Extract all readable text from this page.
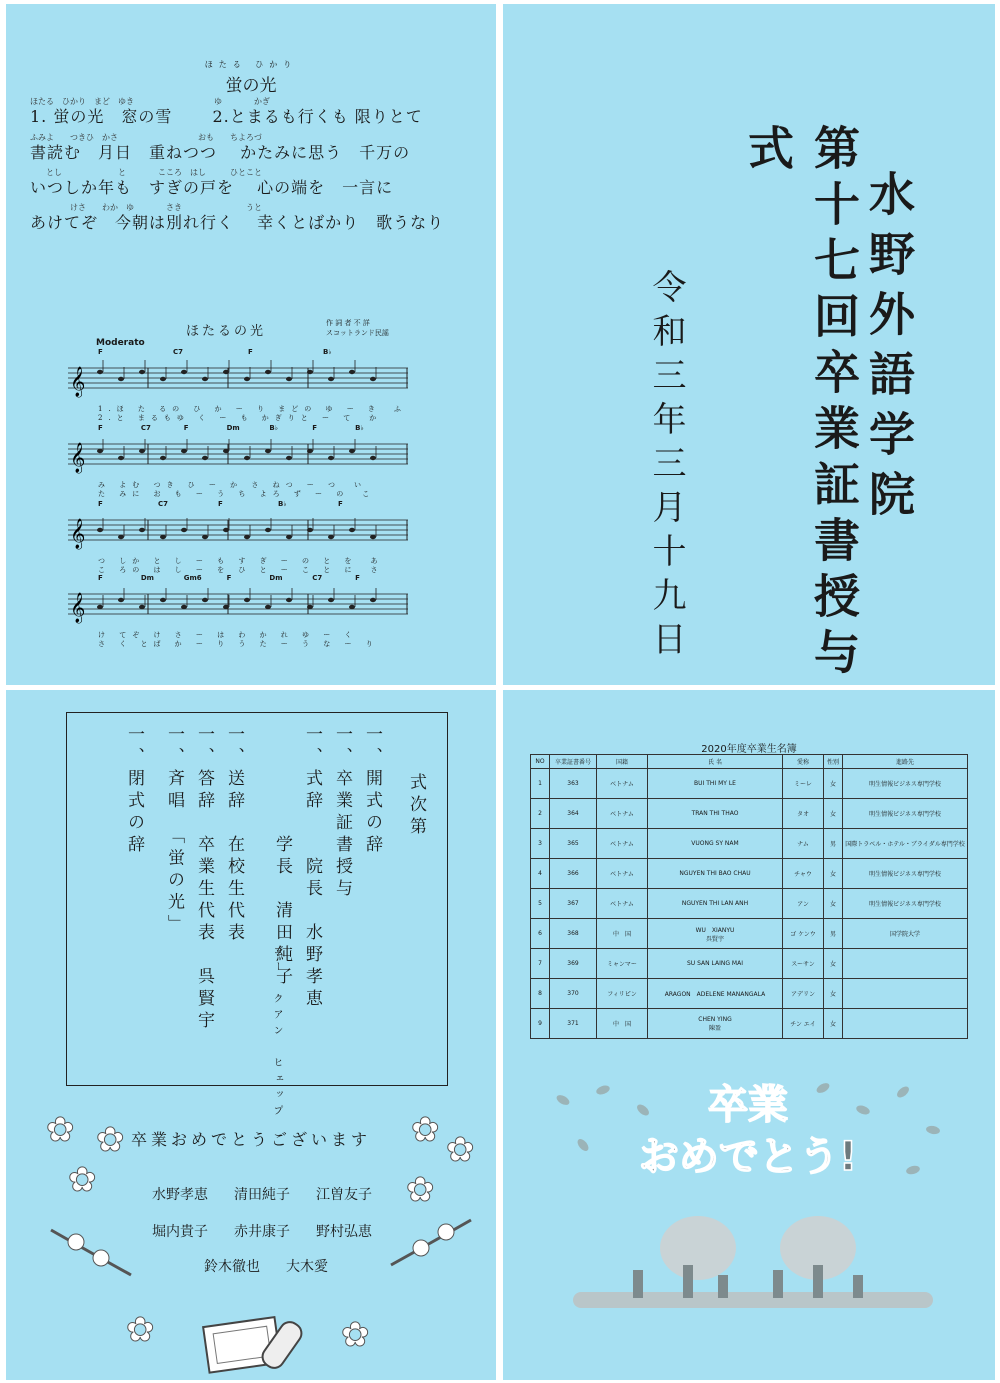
ほたる ひかり
蛍の光
ほたる　ひかり　まど　ゆき　　　　　　　　　　ゆ　　　　かぎ
1. 蛍の光　窓の雪　　 2.とまるも行くも 限りとて
ふみよ　　つきひ　かさ　　　　　　　　　　おも　　ちよろづ
書読む　月日　重ねつつ　 かたみに思う　千万の
　　とし　　　　　　　と　　　　こころ　はし　　　ひとこと
いつしか年も　すぎの戸を　 心の端を　一言に
　　　　　けさ　　わか　ゆ　　　　さき　　　　　　　　うと
あけてぞ　今朝は別れ行く　 幸くとばかり　歌うなり
ほたるの光
作 詞 者 不 詳
スコットランド民謡
Moderato
F	C7	F	B♭
𝄞
1.ほ た るの ひ か ー り まどの ゆ ー き　ふ
2.と まるもゆ く ー も かぎりと ー て　か
F	C7	F	Dm	B♭	F	B♭
𝄞
み よむ つき ひ ー か さ ねつ ー つ　い
た みに お も ー う ち よろ ず ー の　こ
F	C7	F	B♭	F
𝄞
つ しか と し ー も す ぎ ー の と を　あ
こ ろの は し ー を ひ と ー こ と に　さ
F	Dm	Gm6	F	Dm	C7	F
𝄞
け てぞ け さ ー は わ か れ ゆ ー く
さ く とば か ー り う た ー う な ー り
水野外語学院
第十七回卒業証書授与式
令和三年三月十九日
式次第
一、開式の辞
一、卒業証書授与
一、式辞　　院長　水野孝恵
　　　　　学長　清田純子
一、送辞　在校生代表
一、答辞　卒業生代表　呉賢宇	ゴー　クアン　ヒェップ
一、斉唱　「蛍の光」
一、閉式の辞
卒業おめでとうございます
水野孝恵 清田純子 江曽友子
堀内貴子 赤井康子 野村弘恵
鈴木徹也 大木愛
✿ ✿
✿
✿ ✿
✿
✿	✿
2020年度卒業生名簿
NO	卒業証書番号	国籍	氏 名	愛称	性別	進路先
1	363	ベトナム	BUI THI MY LE	ミーレ	女	明生情報ビジネス専門学校
2	364	ベトナム	TRAN THI THAO	タオ	女	明生情報ビジネス専門学校
3	365	ベトナム	VUONG SY NAM	ナム	男	国際トラベル・ホテル・ブライダル専門学校
4	366	ベトナム	NGUYEN THI BAO CHAU	チャウ	女	明生情報ビジネス専門学校
5	367	ベトナム	NGUYEN THI LAN ANH	アン	女	明生情報ビジネス専門学校
6	368	中　国	WU　XIANYU
呉賢宇	ゴ ケンウ	男	国学院大学
7	369	ミャンマー	SU SAN LAING MAI	スーサン	女	
8	370	フィリピン	ARAGON　ADELENE MANANGALA	アデリン	女	
9	371	中　国	CHEN YING
陳盈	チン エイ	女	
卒業
おめでとう!
